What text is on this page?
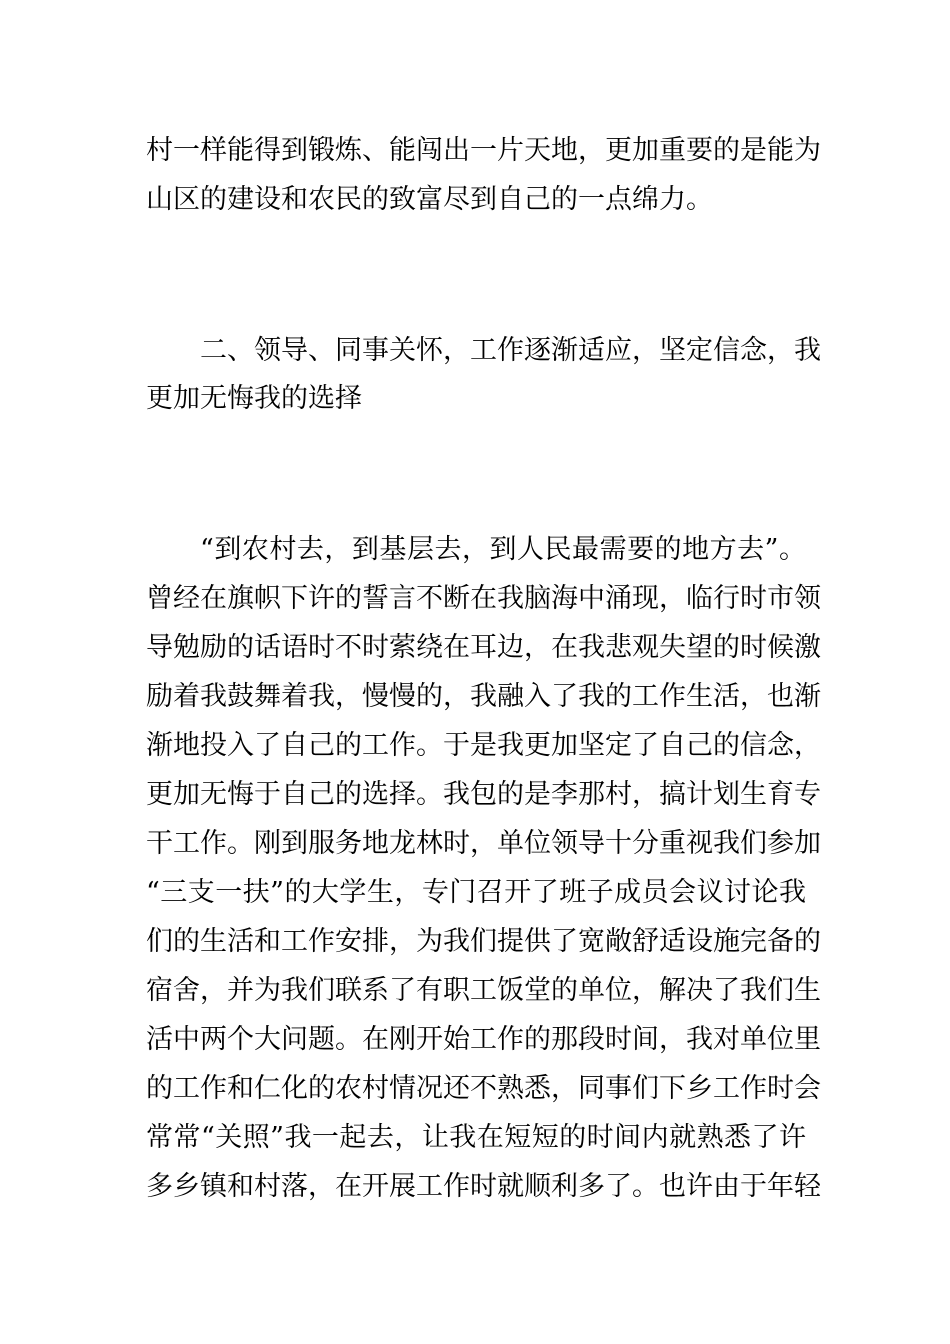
村一样能得到锻炼、能闯出一片天地，更加重要的是能为
山区的建设和农民的致富尽到自己的一点绵力。
二、领导、同事关怀，工作逐渐适应，坚定信念，我
更加无悔我的选择
“到农村去，到基层去，到人民最需要的地方去”。
曾经在旗帜下许的誓言不断在我脑海中涌现，临行时市领
导勉励的话语时不时萦绕在耳边，在我悲观失望的时候激
励着我鼓舞着我，慢慢的，我融入了我的工作生活，也渐
渐地投入了自己的工作。于是我更加坚定了自己的信念，
更加无悔于自己的选择。我包的是李那村，搞计划生育专
干工作。刚到服务地龙林时，单位领导十分重视我们参加
“三支一扶”的大学生，专门召开了班子成员会议讨论我
们的生活和工作安排，为我们提供了宽敞舒适设施完备的
宿舍，并为我们联系了有职工饭堂的单位，解决了我们生
活中两个大问题。在刚开始工作的那段时间，我对单位里
的工作和仁化的农村情况还不熟悉，同事们下乡工作时会
常常“关照”我一起去，让我在短短的时间内就熟悉了许
多乡镇和村落，在开展工作时就顺利多了。也许由于年轻
